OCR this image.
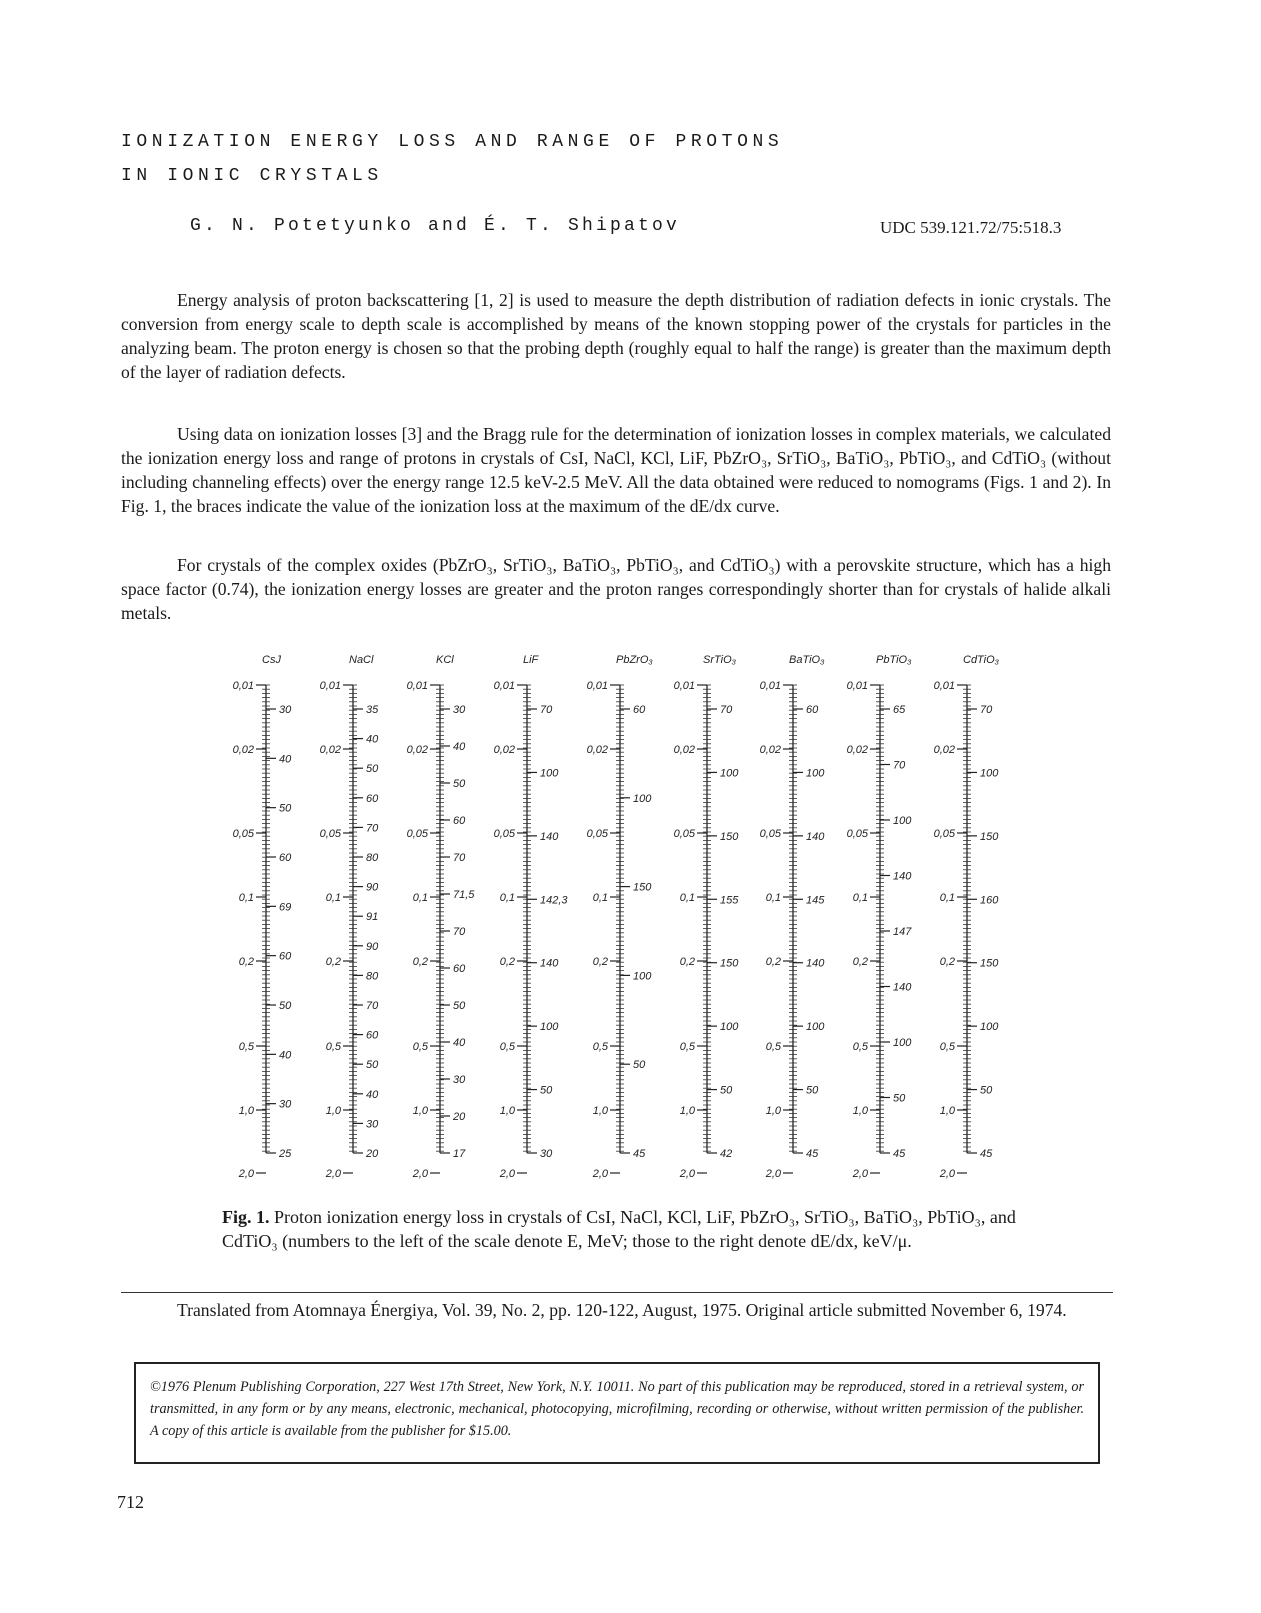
IONIZATION ENERGY LOSS AND RANGE OF PROTONS
IN IONIC CRYSTALS
G. N. Potetyunko and É. T. Shipatov	UDC 539.121.72/75:518.3
Energy analysis of proton backscattering [1, 2] is used to measure the depth distribution of radiation defects in ionic crystals. The conversion from energy scale to depth scale is accomplished by means of the known stopping power of the crystals for particles in the analyzing beam. The proton energy is chosen so that the probing depth (roughly equal to half the range) is greater than the maximum depth of the layer of radiation defects.
Using data on ionization losses [3] and the Bragg rule for the determination of ionization losses in complex materials, we calculated the ionization energy loss and range of protons in crystals of CsI, NaCl, KCl, LiF, PbZrO₃, SrTiO₃, BaTiO₃, PbTiO₃, and CdTiO₃ (without including channeling effects) over the energy range 12.5 keV-2.5 MeV. All the data obtained were reduced to nomograms (Figs. 1 and 2). In Fig. 1, the braces indicate the value of the ionization loss at the maximum of the dE/dx curve.
For crystals of the complex oxides (PbZrO₃, SrTiO₃, BaTiO₃, PbTiO₃, and CdTiO₃) with a perovskite structure, which has a high space factor (0.74), the ionization energy losses are greater and the proton ranges correspondingly shorter than for crystals of halide alkali metals.
CsJ
0,01
0,02
0,05
0,1
0,2
0,5
1,0
2,0
30
40
50
60
69
60
50
40
30
25
NaCl
0,01
0,02
0,05
0,1
0,2
0,5
1,0
2,0
35
40
50
60
70
80
90
91
90
80
70
60
50
40
30
20
KCl
0,01
0,02
0,05
0,1
0,2
0,5
1,0
2,0
30
40
50
60
70
71,5
70
60
50
40
30
20
17
LiF
0,01
0,02
0,05
0,1
0,2
0,5
1,0
2,0
70
100
140
142,3
140
100
50
30
PbZrO₃
0,01
0,02
0,05
0,1
0,2
0,5
1,0
2,0
60
100
150
100
50
45
SrTiO₃
0,01
0,02
0,05
0,1
0,2
0,5
1,0
2,0
70
100
150
155
150
100
50
42
BaTiO₃
0,01
0,02
0,05
0,1
0,2
0,5
1,0
2,0
60
100
140
145
140
100
50
45
PbTiO₃
0,01
0,02
0,05
0,1
0,2
0,5
1,0
2,0
65
70
100
140
147
140
100
50
45
CdTiO₃
0,01
0,02
0,05
0,1
0,2
0,5
1,0
2,0
70
100
150
160
150
100
50
45
Fig. 1. Proton ionization energy loss in crystals of CsI, NaCl, KCl, LiF, PbZrO₃, SrTiO₃, BaTiO₃, PbTiO₃, and CdTiO₃ (numbers to the left of the scale denote E, MeV; those to the right denote dE/dx, keV/μ.
Translated from Atomnaya Énergiya, Vol. 39, No. 2, pp. 120-122, August, 1975. Original article submitted November 6, 1974.
©1976 Plenum Publishing Corporation, 227 West 17th Street, New York, N.Y. 10011. No part of this publication may be reproduced, stored in a retrieval system, or transmitted, in any form or by any means, electronic, mechanical, photocopying, microfilming, recording or otherwise, without written permission of the publisher. A copy of this article is available from the publisher for $15.00.
712
